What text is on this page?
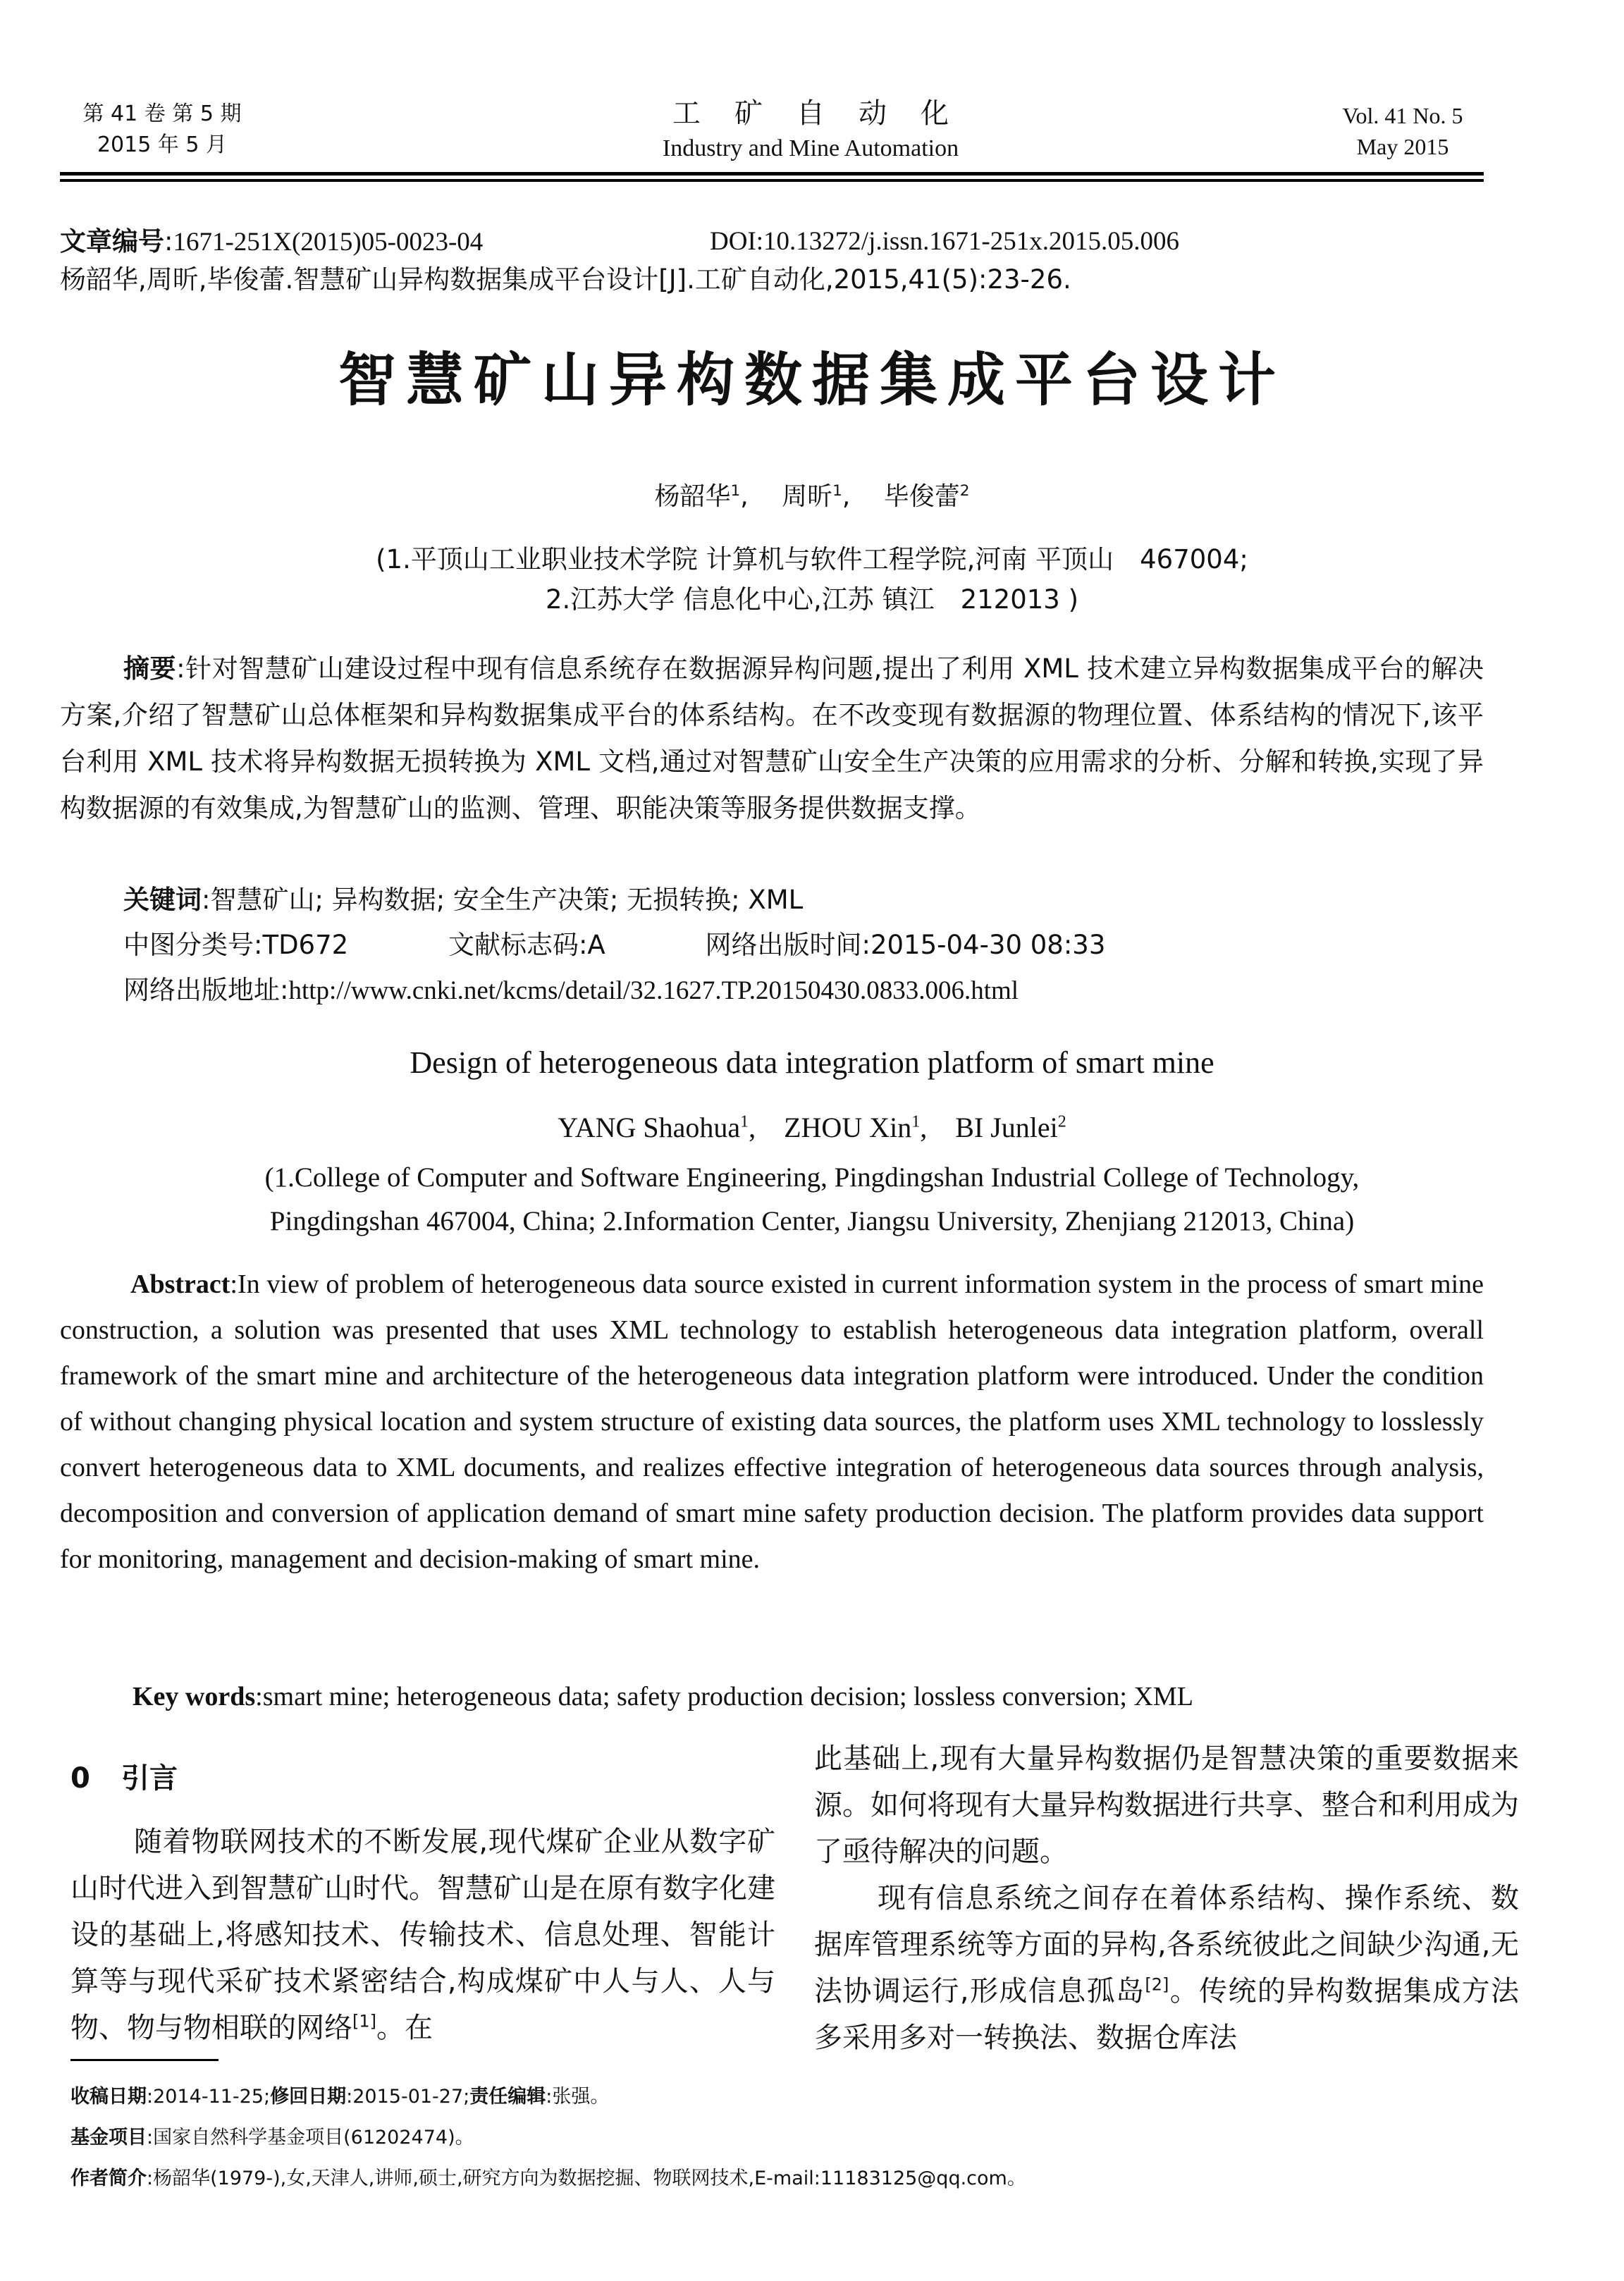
第 41 卷 第 5 期
2015 年 5 月
工矿自动化
Industry and Mine Automation
Vol. 41 No. 5
May 2015
文章编号:1671-251X(2015)05-0023-04	DOI:10.13272/j.issn.1671-251x.2015.05.006
杨韶华,周昕,毕俊蕾.智慧矿山异构数据集成平台设计[J].工矿自动化,2015,41(5):23-26.
智慧矿山异构数据集成平台设计
杨韶华$^1$,　 周昕$^1$,　 毕俊蕾$^2$
(1.平顶山工业职业技术学院 计算机与软件工程学院,河南 平顶山　467004;
2.江苏大学 信息化中心,江苏 镇江　212013 )
摘要:针对智慧矿山建设过程中现有信息系统存在数据源异构问题,提出了利用 XML 技术建立异构数据集成平台的解决方案,介绍了智慧矿山总体框架和异构数据集成平台的体系结构。在不改变现有数据源的物理位置、体系结构的情况下,该平台利用 XML 技术将异构数据无损转换为 XML 文档,通过对智慧矿山安全生产决策的应用需求的分析、分解和转换,实现了异构数据源的有效集成,为智慧矿山的监测、管理、职能决策等服务提供数据支撑。
关键词:智慧矿山; 异构数据; 安全生产决策; 无损转换; XML
中图分类号:TD672	文献标志码:A	网络出版时间:2015-04-30 08:33
网络出版地址:http://www.cnki.net/kcms/detail/32.1627.TP.20150430.0833.006.html
Design of heterogeneous data integration platform of smart mine
YANG Shaohua$^1$,    ZHOU Xin$^1$,    BI Junlei$^2$
(1.College of Computer and Software Engineering, Pingdingshan Industrial College of Technology,
Pingdingshan 467004, China; 2.Information Center, Jiangsu University, Zhenjiang 212013, China)
Abstract:In view of problem of heterogeneous data source existed in current information system in the process of smart mine construction, a solution was presented that uses XML technology to establish heterogeneous data integration platform, overall framework of the smart mine and architecture of the heterogeneous data integration platform were introduced. Under the condition of without changing physical location and system structure of existing data sources, the platform uses XML technology to losslessly convert heterogeneous data to XML documents, and realizes effective integration of heterogeneous data sources through analysis, decomposition and conversion of application demand of smart mine safety production decision. The platform provides data support for monitoring, management and decision-making of smart mine.
Key words:smart mine; heterogeneous data; safety production decision; lossless conversion; XML
0 引言
随着物联网技术的不断发展,现代煤矿企业从数字矿山时代进入到智慧矿山时代。智慧矿山是在原有数字化建设的基础上,将感知技术、传输技术、信息处理、智能计算等与现代采矿技术紧密结合,构成煤矿中人与人、人与物、物与物相联的网络[1]。在
此基础上,现有大量异构数据仍是智慧决策的重要数据来源。如何将现有大量异构数据进行共享、整合和利用成为了亟待解决的问题。
现有信息系统之间存在着体系结构、操作系统、数据库管理系统等方面的异构,各系统彼此之间缺少沟通,无法协调运行,形成信息孤岛[2]。传统的异构数据集成方法多采用多对一转换法、数据仓库法
收稿日期:2014-11-25;修回日期:2015-01-27;责任编辑:张强。
基金项目:国家自然科学基金项目(61202474)。
作者简介:杨韶华(1979-),女,天津人,讲师,硕士,研究方向为数据挖掘、物联网技术,E-mail:11183125@qq.com。
